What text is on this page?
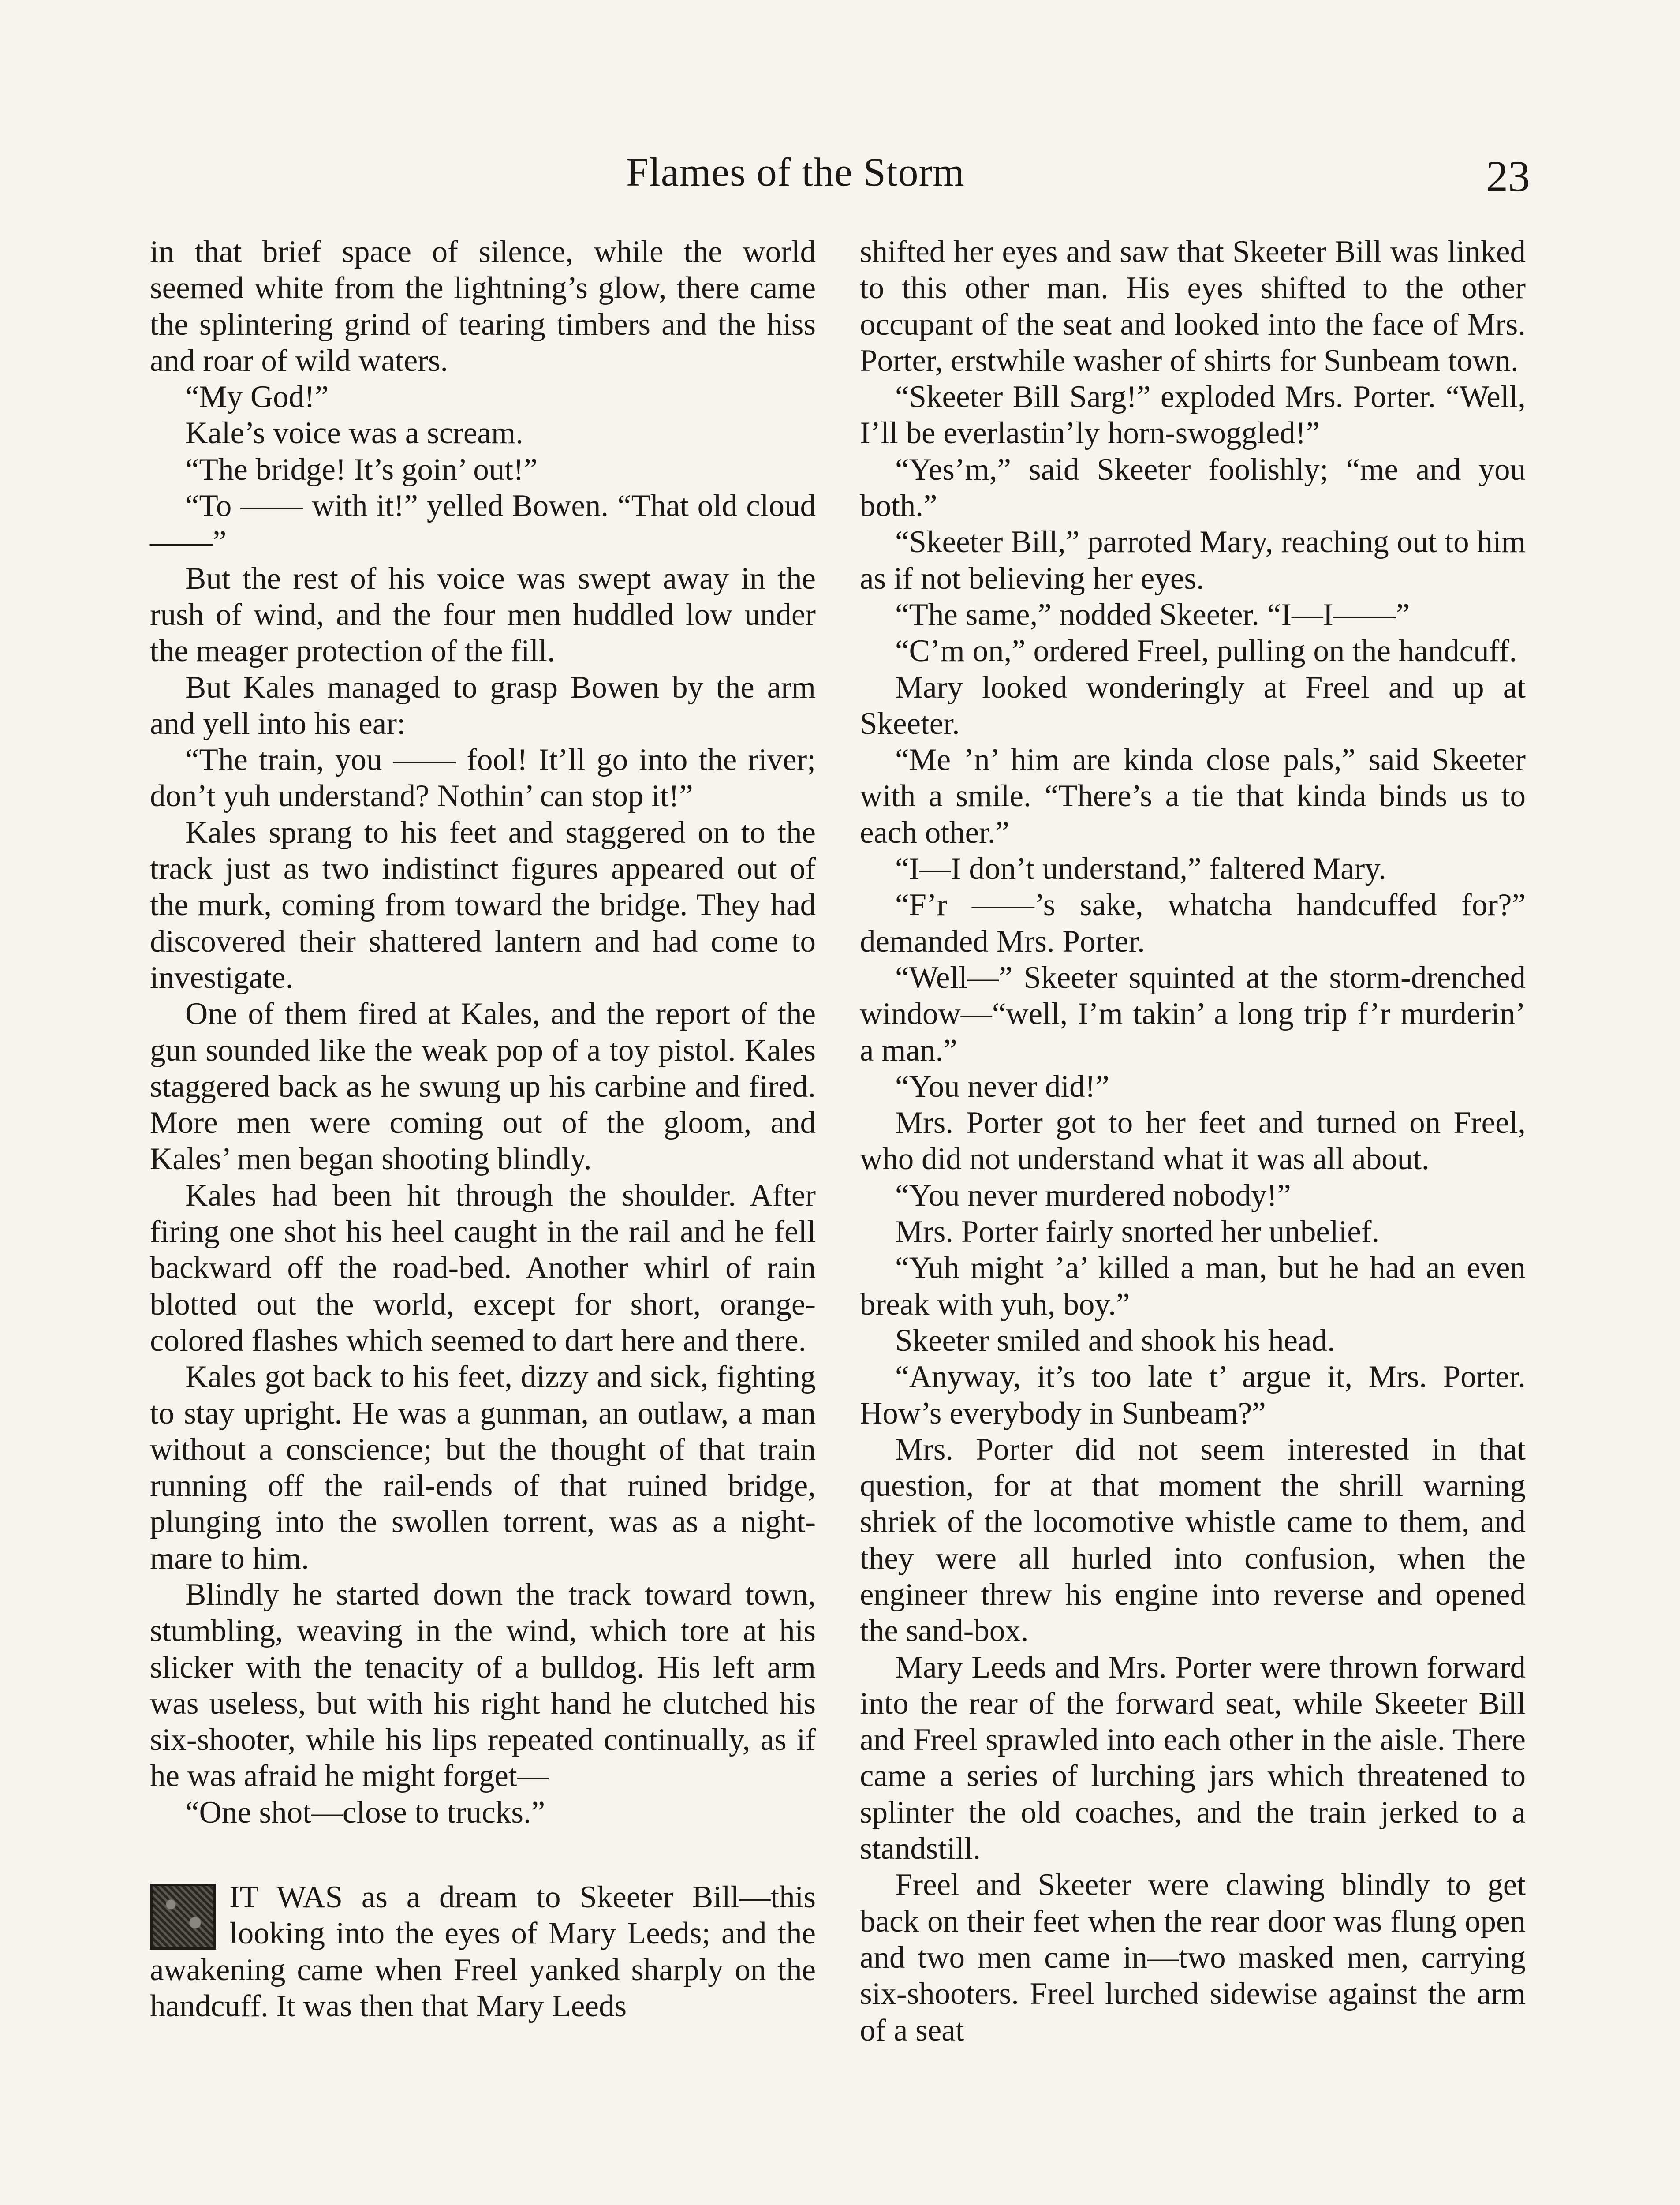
Flames of the Storm	23

in that brief space of silence, while the world seemed white from the lightning’s glow, there came the splintering grind of tearing timbers and the hiss and roar of wild waters.

“My God!”

Kale’s voice was a scream.

“The bridge! It’s goin’ out!”

“To —— with it!” yelled Bowen. “That old cloud——”

But the rest of his voice was swept away in the rush of wind, and the four men huddled low under the meager protection of the fill.

But Kales managed to grasp Bowen by the arm and yell into his ear:

“The train, you —— fool! It’ll go into the river; don’t yuh understand? Nothin’ can stop it!”

Kales sprang to his feet and staggered on to the track just as two indistinct figures appeared out of the murk, coming from toward the bridge. They had discovered their shattered lantern and had come to investigate.

One of them fired at Kales, and the report of the gun sounded like the weak pop of a toy pistol. Kales staggered back as he swung up his carbine and fired. More men were coming out of the gloom, and Kales’ men began shooting blindly.

Kales had been hit through the shoulder. After firing one shot his heel caught in the rail and he fell backward off the road-bed. Another whirl of rain blotted out the world, except for short, orange-colored flashes which seemed to dart here and there.

Kales got back to his feet, dizzy and sick, fighting to stay upright. He was a gunman, an outlaw, a man without a conscience; but the thought of that train running off the rail-ends of that ruined bridge, plunging into the swollen torrent, was as a night-mare to him.

Blindly he started down the track toward town, stumbling, weaving in the wind, which tore at his slicker with the tenacity of a bulldog. His left arm was useless, but with his right hand he clutched his six-shooter, while his lips repeated continually, as if he was afraid he might forget—

“One shot—close to trucks.”

IT WAS as a dream to Skeeter Bill—this looking into the eyes of Mary Leeds; and the awakening came when Freel yanked sharply on the handcuff. It was then that Mary Leeds

shifted her eyes and saw that Skeeter Bill was linked to this other man. His eyes shifted to the other occupant of the seat and looked into the face of Mrs. Porter, erstwhile washer of shirts for Sunbeam town.

“Skeeter Bill Sarg!” exploded Mrs. Porter. “Well, I’ll be everlastin’ly horn-swoggled!”

“Yes’m,” said Skeeter foolishly; “me and you both.”

“Skeeter Bill,” parroted Mary, reaching out to him as if not believing her eyes.

“The same,” nodded Skeeter. “I—I——”

“C’m on,” ordered Freel, pulling on the handcuff.

Mary looked wonderingly at Freel and up at Skeeter.

“Me ’n’ him are kinda close pals,” said Skeeter with a smile. “There’s a tie that kinda binds us to each other.”

“I—I don’t understand,” faltered Mary.

“F’r ——’s sake, whatcha handcuffed for?” demanded Mrs. Porter.

“Well—” Skeeter squinted at the storm-drenched window—“well, I’m takin’ a long trip f’r murderin’ a man.”

“You never did!”

Mrs. Porter got to her feet and turned on Freel, who did not understand what it was all about.

“You never murdered nobody!”

Mrs. Porter fairly snorted her unbelief.

“Yuh might ’a’ killed a man, but he had an even break with yuh, boy.”

Skeeter smiled and shook his head.

“Anyway, it’s too late t’ argue it, Mrs. Porter. How’s everybody in Sunbeam?”

Mrs. Porter did not seem interested in that question, for at that moment the shrill warning shriek of the locomotive whistle came to them, and they were all hurled into confusion, when the engineer threw his engine into reverse and opened the sand-box.

Mary Leeds and Mrs. Porter were thrown forward into the rear of the forward seat, while Skeeter Bill and Freel sprawled into each other in the aisle. There came a series of lurching jars which threatened to splinter the old coaches, and the train jerked to a standstill.

Freel and Skeeter were clawing blindly to get back on their feet when the rear door was flung open and two men came in—two masked men, carrying six-shooters. Freel lurched sidewise against the arm of a seat
